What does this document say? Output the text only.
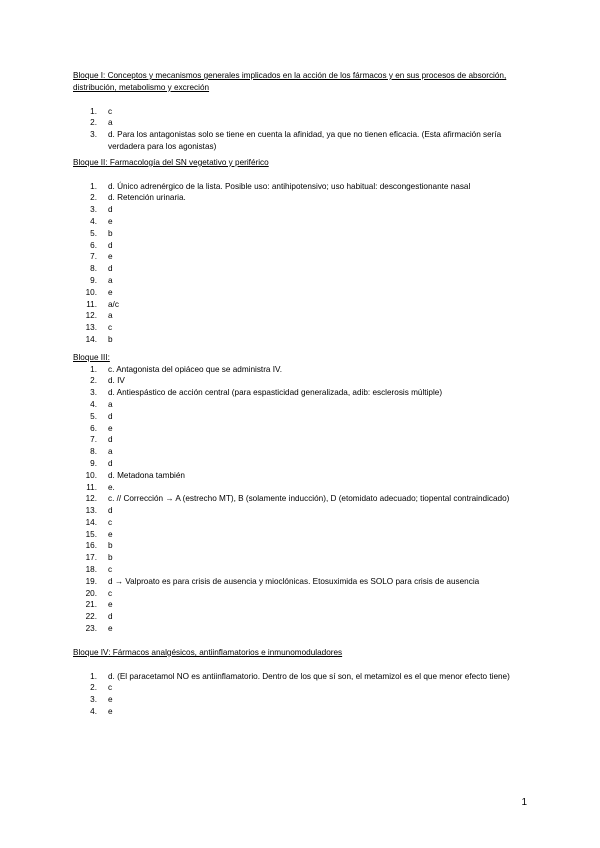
Bloque I: Conceptos y mecanismos generales implicados en la acción de los fármacos y en sus procesos de absorción, distribución, metabolismo y excreción

1. c
2. a
3. d. Para los antagonistas solo se tiene en cuenta la afinidad, ya que no tienen eficacia. (Esta afirmación sería verdadera para los agonistas)

Bloque II: Farmacología del SN vegetativo y periférico

1. d. Único adrenérgico de la lista. Posible uso: antihipotensivo; uso habitual: descongestionante nasal
2. d. Retención urinaria.
3. d
4. e
5. b
6. d
7. e
8. d
9. a
10. e
11. a/c
12. a
13. c
14. b

Bloque III:

1. c. Antagonista del opiáceo que se administra IV.
2. d. IV
3. d. Antiespástico de acción central (para espasticidad generalizada, adib: esclerosis múltiple)
4. a
5. d
6. e
7. d
8. a
9. d
10. d. Metadona también
11. e.
12. c. // Corrección → A (estrecho MT), B (solamente inducción), D (etomidato adecuado; tiopental contraindicado)
13. d
14. c
15. e
16. b
17. b
18. c
19. d → Valproato es para crisis de ausencia y mioclónicas. Etosuximida es SOLO para crisis de ausencia
20. c
21. e
22. d
23. e

Bloque IV: Fármacos analgésicos, antiinflamatorios e inmunomoduladores

1. d. (El paracetamol NO es antiinflamatorio. Dentro de los que sí son, el metamizol es el que menor efecto tiene)
2. c
3. e
4. e
1
